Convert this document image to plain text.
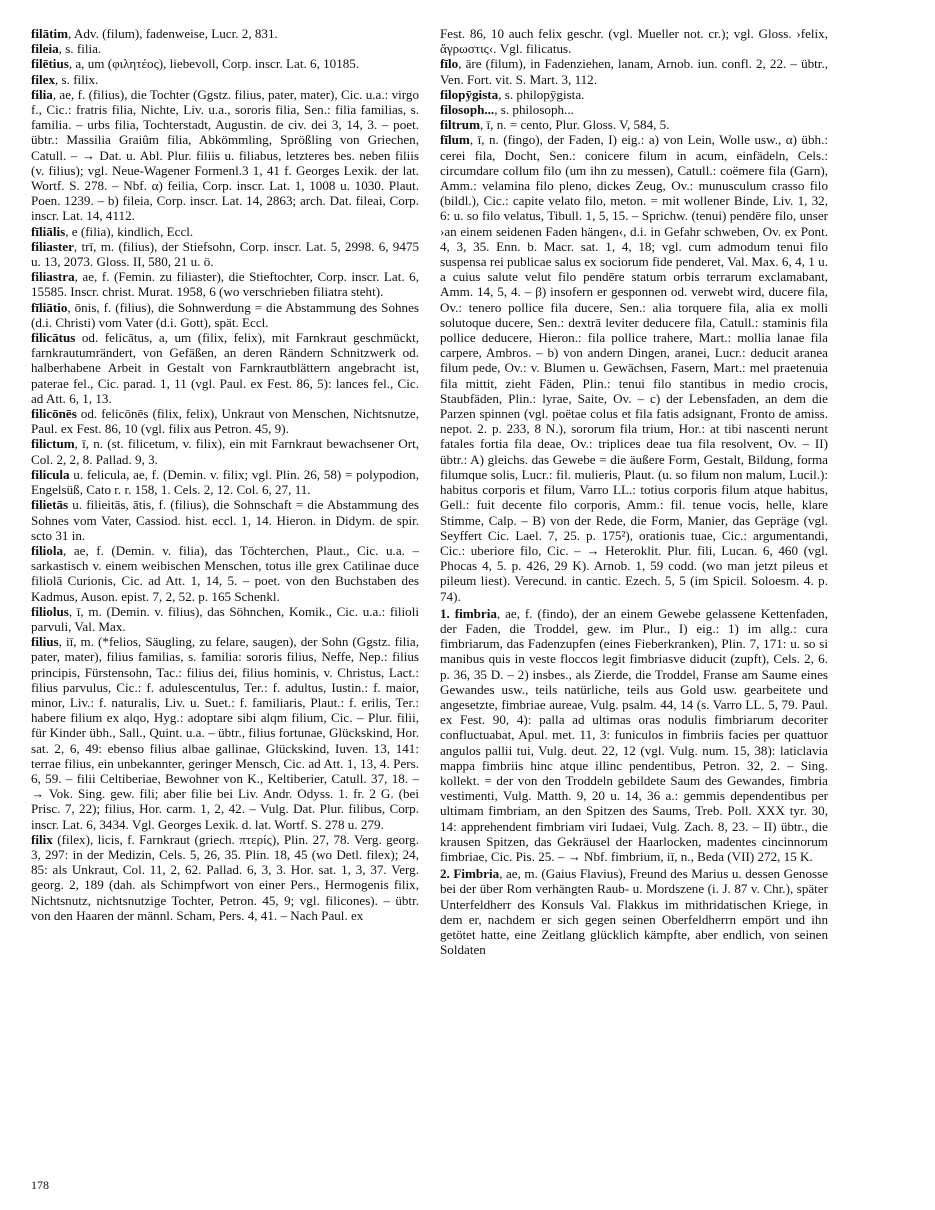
filātim, Adv. (filum), fadenweise, Lucr. 2, 831.

fileia, s. filia.

filētius, a, um (φιλητέος), liebevoll, Corp. inscr. Lat. 6, 10185.

filex, s. filix.

filia, ae, f. (filius), die Tochter (Ggstz. filius, pater, mater), Cic. u.a.: virgo f., Cic.: fratris filia, Nichte, Liv. u.a., sororis filia, Sen.: filia familias, s. familia. – urbs filia, Tochterstadt, Augustin. de civ. dei 3, 14, 3. – poet. übtr.: Massilia Graiûm filia, Abkömmling, Sprößling von Griechen, Catull. – → Dat. u. Abl. Plur. filiis u. filiabus, letzteres bes. neben filiis (v. filius); vgl. Neue-Wagener Formenl.3 1, 41 f. Georges Lexik. der lat. Wortf. S. 278. – Nbf. α) feilia, Corp. inscr. Lat. 1, 1008 u. 1030. Plaut. Poen. 1239. – b) fileia, Corp. inscr. Lat. 14, 2863; arch. Dat. fileai, Corp. inscr. Lat. 14, 4112.

fīliālis, e (filia), kindlich, Eccl.

filiaster, trī, m. (filius), der Stiefsohn, Corp. inscr. Lat. 5, 2998. 6, 9475 u. 13, 2073. Gloss. II, 580, 21 u. ö.

filiastra, ae, f. (Femin. zu filiaster), die Stieftochter, Corp. inscr. Lat. 6, 15585. Inscr. christ. Murat. 1958, 6 (wo verschrieben filiatra steht).

fīliātio, ōnis, f. (filius), die Sohnwerdung = die Abstammung des Sohnes (d.i. Christi) vom Vater (d.i. Gott), spät. Eccl.

filicātus od. felicātus, a, um (filix, felix), mit Farnkraut geschmückt, farnkrautumrändert, von Gefäßen, an deren Rändern Schnitzwerk od. halberhabene Arbeit in Gestalt von Farnkrautblättern angebracht ist, paterae fel., Cic. parad. 1, 11 (vgl. Paul. ex Fest. 86, 5): lances fel., Cic. ad Att. 6, 1, 13.

filicōnēs od. felicōnēs (filix, felix), Unkraut von Menschen, Nichtsnutze, Paul. ex Fest. 86, 10 (vgl. filix aus Petron. 45, 9).

filictum, ī, n. (st. filicetum, v. filix), ein mit Farnkraut bewachsener Ort, Col. 2, 2, 8. Pallad. 9, 3.

filicula u. felicula, ae, f. (Demin. v. filix; vgl. Plin. 26, 58) = polypodion, Engelsüß, Cato r. r. 158, 1. Cels. 2, 12. Col. 6, 27, 11.

filietās u. filieitās, ātis, f. (filius), die Sohnschaft = die Abstammung des Sohnes vom Vater, Cassiod. hist. eccl. 1, 14. Hieron. in Didym. de spir. scto 31 in.

filiola, ae, f. (Demin. v. filia), das Töchterchen, Plaut., Cic. u.a. – sarkastisch v. einem weibischen Menschen, totus ille grex Catilinae duce filiolā Curionis, Cic. ad Att. 1, 14, 5. – poet. von den Buchstaben des Kadmus, Auson. epist. 7, 2, 52. p. 165 Schenkl.

filiolus, ī, m. (Demin. v. filius), das Söhnchen, Komik., Cic. u.a.: filioli parvuli, Val. Max.

filius, iī, m. (*felios, Säugling, zu felare, saugen), der Sohn (Ggstz. filia, pater, mater), filius familias, s. familia: sororis filius, Neffe, Nep.: filius principis, Fürstensohn, Tac.: filius dei, filius hominis, v. Christus, Lact.: filius parvulus, Cic.: f. adulescentulus, Ter.: f. adultus, Iustin.: f. maior, minor, Liv.: f. naturalis, Liv. u. Suet.: f. familiaris, Plaut.: f. erilis, Ter.: habere filium ex alqo, Hyg.: adoptare sibi alqm filium, Cic. – Plur. filii, für Kinder übh., Sall., Quint. u.a. – übtr., filius fortunae, Glückskind, Hor. sat. 2, 6, 49: ebenso filius albae gallinae, Glückskind, Iuven. 13, 141: terrae filius, ein unbekannter, geringer Mensch, Cic. ad Att. 1, 13, 4. Pers. 6, 59. – filii Celtiberiae, Bewohner von K., Keltiberier, Catull. 37, 18. – → Vok. Sing. gew. fili; aber filie bei Liv. Andr. Odyss. 1. fr. 2 G. (bei Prisc. 7, 22); filius, Hor. carm. 1, 2, 42. – Vulg. Dat. Plur. filibus, Corp. inscr. Lat. 6, 3434. Vgl. Georges Lexik. d. lat. Wortf. S. 278 u. 279.

filix (filex), licis, f. Farnkraut (griech. πτερίς), Plin. 27, 78. Verg. georg. 3, 297: in der Medizin, Cels. 5, 26, 35. Plin. 18, 45 (wo Detl. filex); 24, 85: als Unkraut, Col. 11, 2, 62. Pallad. 6, 3, 3. Hor. sat. 1, 3, 37. Verg. georg. 2, 189 (dah. als Schimpfwort von einer Pers., Hermogenis filix, Nichtsnutz, nichtsnutzige Tochter, Petron. 45, 9; vgl. filicones). – übtr. von den Haaren der männl. Scham, Pers. 4, 41. – Nach Paul. ex

Fest. 86, 10 auch felix geschr. (vgl. Mueller not. cr.); vgl. Gloss. ›felix, ἄγρωστις‹. Vgl. filicatus.

fīlo, āre (filum), in Fadenziehen, lanam, Arnob. iun. confl. 2, 22. – übtr., Ven. Fort. vit. S. Mart. 3, 112.

filopȳgista, s. philopȳgista.

filosoph..., s. philosoph...

filtrum, ī, n. = cento, Plur. Gloss. V, 584, 5.

fīlum, ī, n. (fingo), der Faden, I) eig.: a) von Lein, Wolle usw., α) übh.: cerei fila, Docht, Sen.: conicere filum in acum, einfädeln, Cels.: circumdare collum filo (um ihn zu messen), Catull.: coëmere fila (Garn), Amm.: velamina filo pleno, dickes Zeug, Ov.: munusculum crasso filo (bildl.), Cic.: capite velato filo, meton. = mit wollener Binde, Liv. 1, 32, 6: u. so filo velatus, Tibull. 1, 5, 15. – Sprichw. (tenui) pendēre filo, unser ›an einem seidenen Faden hängen‹, d.i. in Gefahr schweben, Ov. ex Pont. 4, 3, 35. Enn. b. Macr. sat. 1, 4, 18; vgl. cum admodum tenui filo suspensa rei publicae salus ex sociorum fide penderet, Val. Max. 6, 4, 1 u. a cuius salute velut filo pendēre statum orbis terrarum exclamabant, Amm. 14, 5, 4. – β) insofern er gesponnen od. verwebt wird, ducere fila, Ov.: tenero pollice fila ducere, Sen.: alia torquere fila, alia ex molli solutoque ducere, Sen.: dextrā leviter deducere fila, Catull.: staminis fila pollice deducere, Hieron.: fila pollice trahere, Mart.: mollia lanae fila carpere, Ambros. – b) von andern Dingen, aranei, Lucr.: deducit aranea filum pede, Ov.: v. Blumen u. Gewächsen, Fasern, Mart.: mel praetenuia fila mittit, zieht Fäden, Plin.: tenui filo stantibus in medio crocis, Staubfäden, Plin.: lyrae, Saite, Ov. – c) der Lebensfaden, an dem die Parzen spinnen (vgl. poëtae colus et fila fatis adsignant, Fronto de amiss. nepot. 2. p. 233, 8 N.), sororum fila trium, Hor.: at tibi nascenti nerunt fatales fortia fila deae, Ov.: triplices deae tua fila resolvent, Ov. – II) übtr.: A) gleichs. das Gewebe = die äußere Form, Gestalt, Bildung, forma filumque solis, Lucr.: fil. mulieris, Plaut. (u. so filum non malum, Lucil.): habitus corporis et filum, Varro LL.: totius corporis filum atque habitus, Gell.: fuit decente filo corporis, Amm.: fil. tenue vocis, helle, klare Stimme, Calp. – B) von der Rede, die Form, Manier, das Gepräge (vgl. Seyffert Cic. Lael. 7, 25. p. 175²), orationis tuae, Cic.: argumentandi, Cic.: uberiore filo, Cic. – → Heteroklit. Plur. fili, Lucan. 6, 460 (vgl. Phocas 4, 5. p. 426, 29 K). Arnob. 1, 59 codd. (wo man jetzt pileus et pileum liest). Verecund. in cantic. Ezech. 5, 5 (im Spicil. Soloesm. 4. p. 74).

1. fimbria, ae, f. (findo), der an einem Gewebe gelassene Kettenfaden, der Faden, die Troddel, gew. im Plur., I) eig.: 1) im allg.: cura fimbriarum, das Fadenzupfen (eines Fieberkranken), Plin. 7, 171: u. so si manibus quis in veste floccos legit fimbriasve diducit (zupft), Cels. 2, 6. p. 36, 35 D. – 2) insbes., als Zierde, die Troddel, Franse am Saume eines Gewandes usw., teils natürliche, teils aus Gold usw. gearbeitete und angesetzte, fimbriae aureae, Vulg. psalm. 44, 14 (s. Varro LL. 5, 79. Paul. ex Fest. 90, 4): palla ad ultimas oras nodulis fimbriarum decoriter confluctuabat, Apul. met. 11, 3: funiculos in fimbriis facies per quattuor angulos pallii tui, Vulg. deut. 22, 12 (vgl. Vulg. num. 15, 38): laticlavia mappa fimbriis hinc atque illinc pendentibus, Petron. 32, 2. – Sing. kollekt. = der von den Troddeln gebildete Saum des Gewandes, fimbria vestimenti, Vulg. Matth. 9, 20 u. 14, 36 a.: gemmis dependentibus per ultimam fimbriam, an den Spitzen des Saums, Treb. Poll. XXX tyr. 30, 14: apprehendent fimbriam viri Iudaei, Vulg. Zach. 8, 23. – II) übtr., die krausen Spitzen, das Gekräusel der Haarlocken, madentes cincinnorum fimbriae, Cic. Pis. 25. – → Nbf. fimbrium, iī, n., Beda (VII) 272, 15 K.

2. Fimbria, ae, m. (Gaius Flavius), Freund des Marius u. dessen Genosse bei der über Rom verhängten Raub- u. Mordszene (i. J. 87 v. Chr.), später Unterfeldherr des Konsuls Val. Flakkus im mithridatischen Kriege, in dem er, nachdem er sich gegen seinen Oberfeldherrn empört und ihn getötet hatte, eine Zeitlang glücklich kämpfte, aber endlich, von seinen Soldaten

178
